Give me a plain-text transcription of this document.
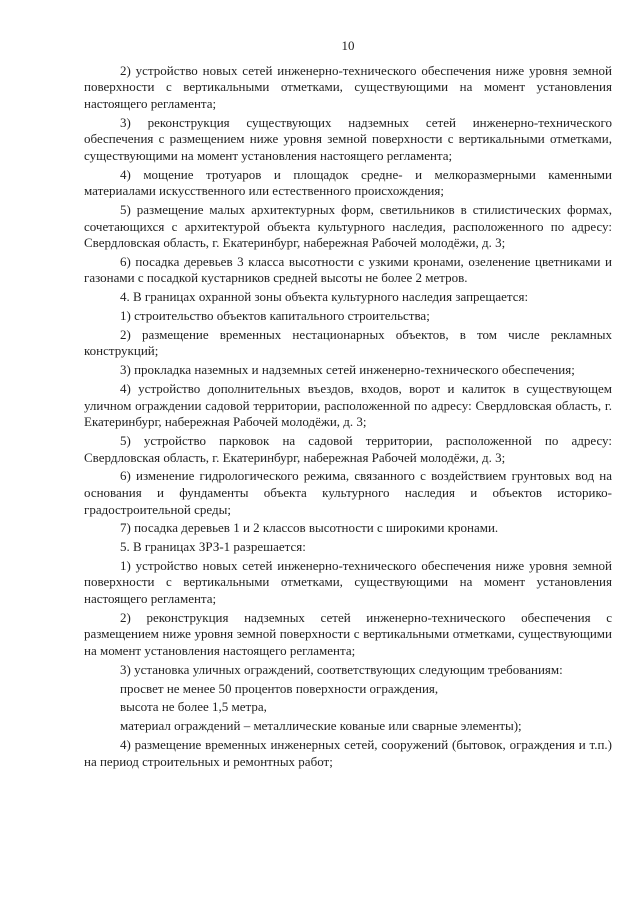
10

2) устройство новых сетей инженерно-технического обеспечения ниже уровня земной поверхности с вертикальными отметками, существующими на момент установления настоящего регламента;

3) реконструкция существующих надземных сетей инженерно-технического обеспечения с размещением ниже уровня земной поверхности с вертикальными отметками, существующими на момент установления настоящего регламента;

4) мощение тротуаров и площадок средне- и мелкоразмерными каменными материалами искусственного или естественного происхождения;

5) размещение малых архитектурных форм, светильников в стилистических формах, сочетающихся с архитектурой объекта культурного наследия, расположенного по адресу: Свердловская область, г. Екатеринбург, набережная Рабочей молодёжи, д. 3;

6) посадка деревьев 3 класса высотности с узкими кронами, озеленение цветниками и газонами с посадкой кустарников средней высоты не более 2 метров.

4. В границах охранной зоны объекта культурного наследия запрещается:

1) строительство объектов капитального строительства;

2) размещение временных нестационарных объектов, в том числе рекламных конструкций;

3) прокладка наземных и надземных сетей инженерно-технического обеспечения;

4) устройство дополнительных въездов, входов, ворот и калиток в существующем уличном ограждении садовой территории, расположенной по адресу: Свердловская область, г. Екатеринбург, набережная Рабочей молодёжи, д. 3;

5) устройство парковок на садовой территории, расположенной по адресу: Свердловская область, г. Екатеринбург, набережная Рабочей молодёжи, д. 3;

6) изменение гидрологического режима, связанного с воздействием грунтовых вод на основания и фундаменты объекта культурного наследия и объектов историко-градостроительной среды;

7) посадка деревьев 1 и 2 классов высотности с широкими кронами.

5. В границах ЗРЗ-1 разрешается:

1) устройство новых сетей инженерно-технического обеспечения ниже уровня земной поверхности с вертикальными отметками, существующими на момент установления настоящего регламента;

2) реконструкция надземных сетей инженерно-технического обеспечения с размещением ниже уровня земной поверхности с вертикальными отметками, существующими на момент установления настоящего регламента;

3) установка уличных ограждений, соответствующих следующим требованиям:

просвет не менее 50 процентов поверхности ограждения,

высота не более 1,5 метра,

материал ограждений – металлические кованые или сварные элементы);

4) размещение временных инженерных сетей, сооружений (бытовок, ограждения и т.п.) на период строительных и ремонтных работ;
